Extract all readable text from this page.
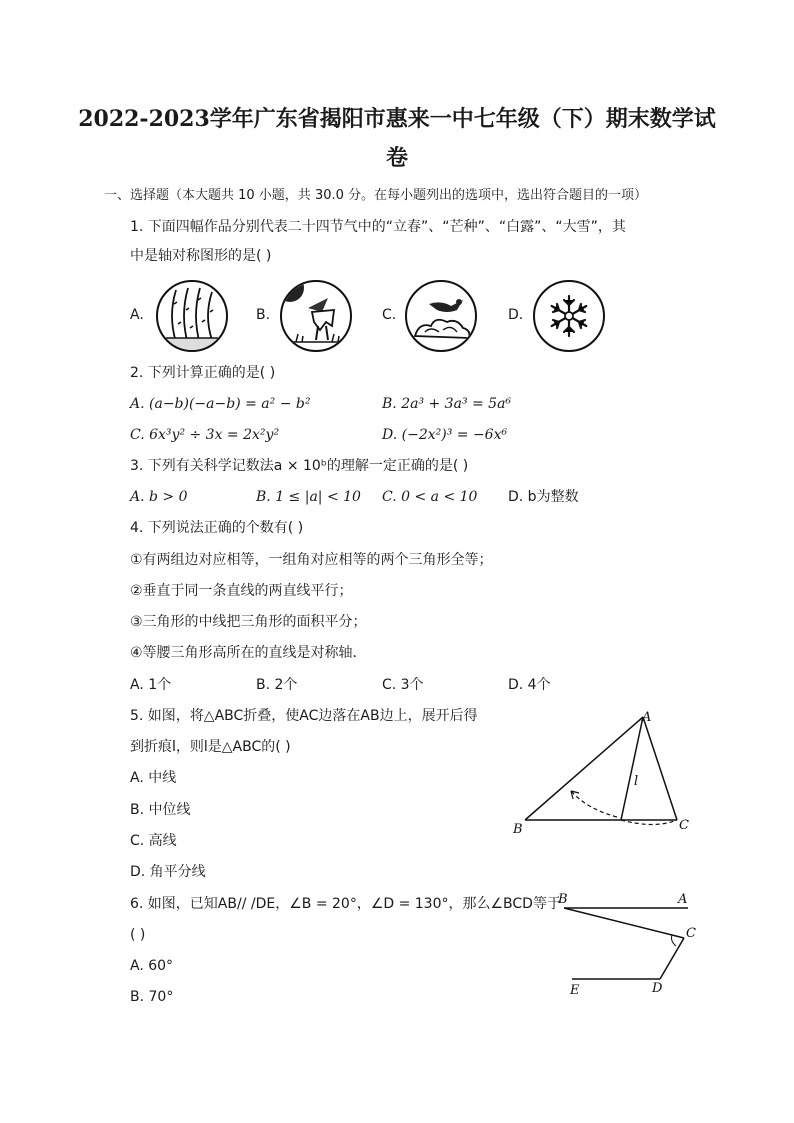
2022-2023学年广东省揭阳市惠来一中七年级（下）期末数学试
卷
一、选择题（本大题共 10 小题，共 30.0 分。在每小题列出的选项中，选出符合题目的一项）
1. 下面四幅作品分别代表二十四节气中的“立春”、“芒种”、“白露”、“大雪”，其
中是轴对称图形的是( )
A.	B.	C.	D.
2. 下列计算正确的是( )
A. (a−b)(−a−b) = a² − b²	B. 2a³ + 3a³ = 5a⁶
C. 6x³y² ÷ 3x = 2x²y²	D. (−2x²)³ = −6x⁶
3. 下列有关科学记数法a × 10ᵇ的理解一定正确的是( )
A. b > 0	B. 1 ≤ |a| < 10 C. 0 < a < 10 D. b为整数
4. 下列说法正确的个数有( )
①有两组边对应相等，一组角对应相等的两个三角形全等；
②垂直于同一条直线的两直线平行；
③三角形的中线把三角形的面积平分；
④等腰三角形高所在的直线是对称轴．
A. 1个	B. 2个	C. 3个	D. 4个
5. 如图，将△ABC折叠，使AC边落在AB边上，展开后得
到折痕l，则l是△ABC的( )
A. 中线
B. 中位线
C. 高线
D. 角平分线
A
B	C
l
6. 如图，已知AB// /DE，∠B = 20°，∠D = 130°，那么∠BCD等于
( )
A. 60°
B. 70°
B	A
C
E	D
